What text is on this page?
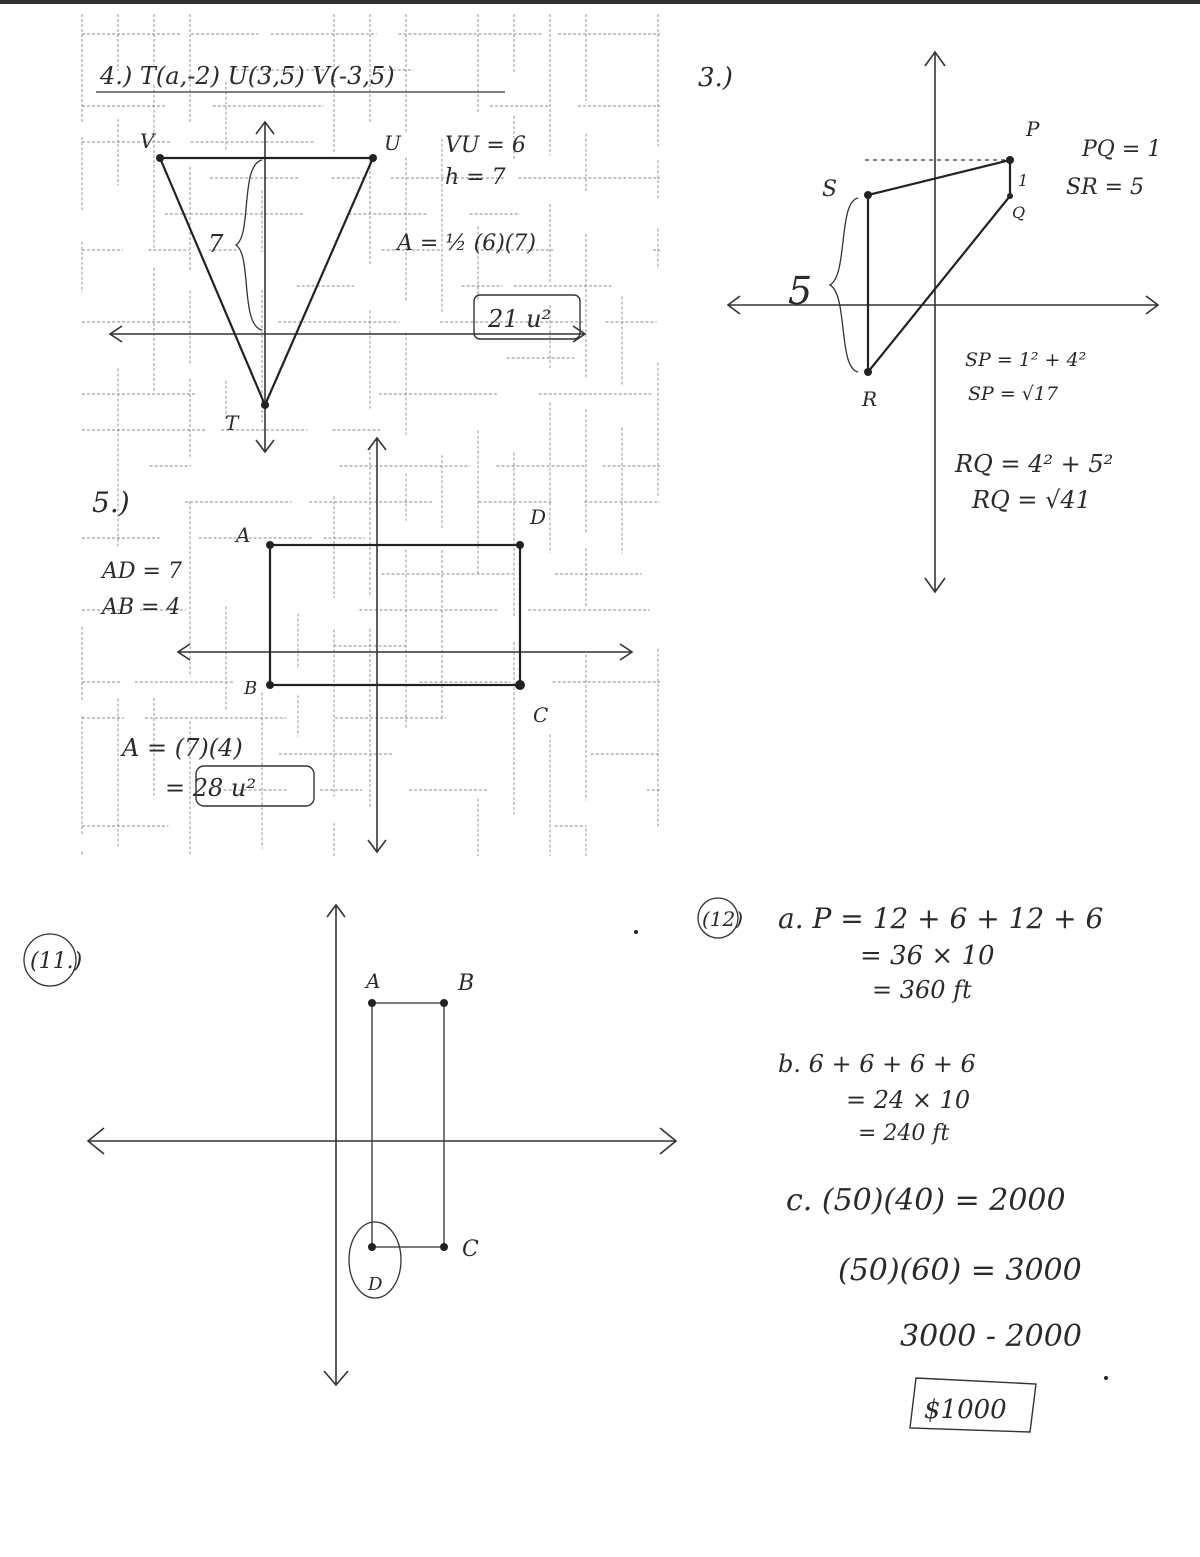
4.) T(a,-2) U(3,5) V(-3,5)
V	U
T
7
VU = 6
h = 7
A = ½ (6)(7)
21 u²
5.)
A
D
B
C
AD = 7
AB = 4
A = (7)(4)
= 28 u²
3.)
P
Q
S
R
1
5
PQ = 1
SR = 5
SP = 1² + 4²
SP = √17
RQ = 4² + 5²
RQ = √41
(11.)
A	B
C
D
(12) a. P = 12 + 6 + 12 + 6
= 36 × 10
= 360 ft
b. 6 + 6 + 6 + 6
= 24 × 10
= 240 ft
c. (50)(40) = 2000
(50)(60) = 3000
3000 - 2000
$1000
